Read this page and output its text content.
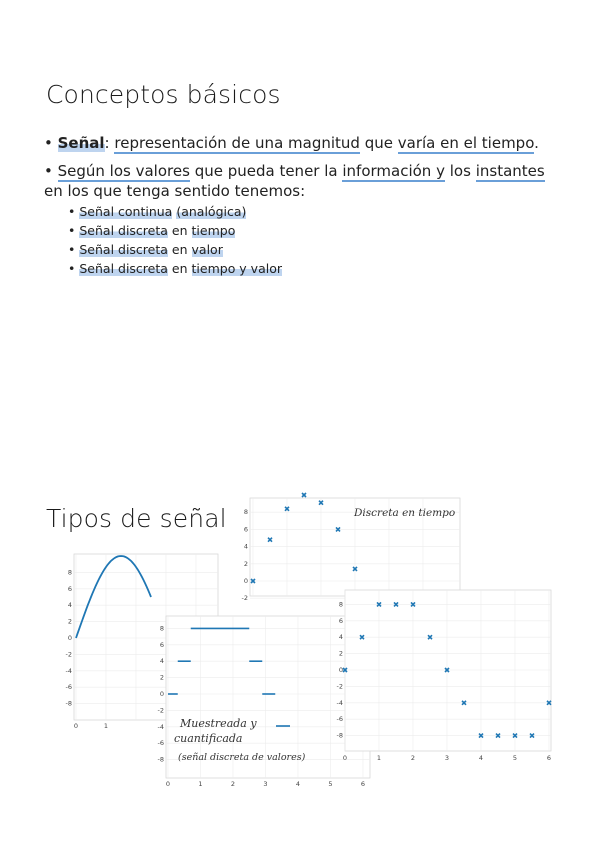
Conceptos básicos
• Señal: representación de una magnitud que varía en el tiempo.
• Según los valores que pueda tener la información y los instantes en los que tenga sentido tenemos:
• Señal continua (analógica)
• Señal discreta en tiempo
• Señal discreta en valor
• Señal discreta en tiempo y valor
Tipos de señal
8
6
4
2
0
-2
-4
-6
-8
0	1
8
6
4
2
0
-2
Discreta en tiempo
8
6
4
2
0
-2
-4
-6
-8
0	1	2	3	4	5	6
Muestreada y
cuantificada
(señal discreta de valores)
8
6
4
2
0
-2
-4
-6
-8
0	1	2	3	4	5	6
